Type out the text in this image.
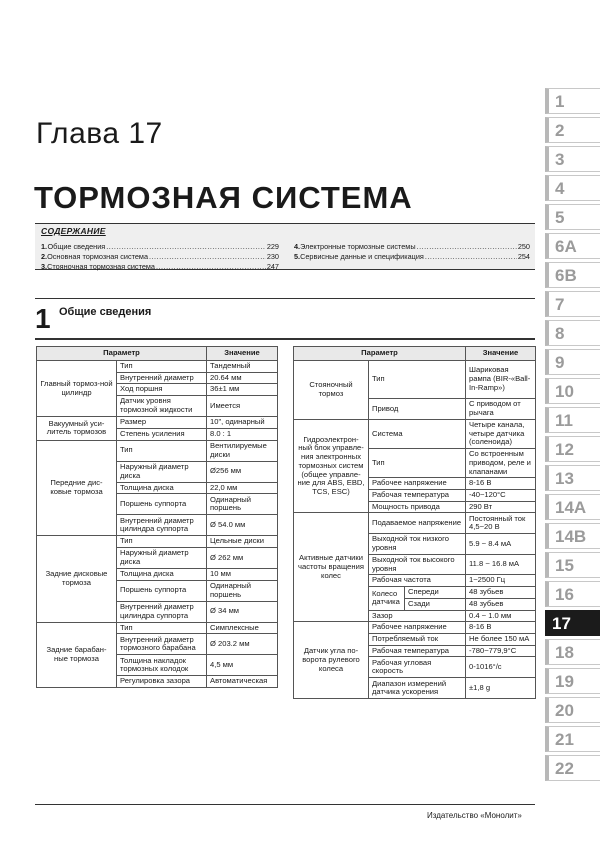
1
2
3
4
5
6A
6B
7
8
9
10
11
12
13
14A
14B
15
16
17
18
19
20
21
22
Глава 17
ТОРМОЗНАЯ СИСТЕМА
СОДЕРЖАНИЕ
1. Общие сведения .....	229
2. Основная тормозная система .....	230
3. Стояночная тормозная система .....	247
4. Электронные тормозные системы .....	250
5. Сервисные данные и спецификация .....	254
1 Общие сведения
Параметр		Значение
Главный тормоз-ной цилиндр	Тип	Тандемный
	Внутренний диаметр	20.64 мм
	Ход поршня	36±1 мм
	Датчик уровня тормозной жидкости	Имеется
Вакуумный уси-литель тормозов	Размер	10", одинарный
	Степень усиления	8.0 : 1
Передние дис-ковые тормоза	Тип	Вентилируемые диски
	Наружный диаметр диска	Ø256 мм
	Толщина диска	22,0 мм
	Поршень суппорта	Одинарный поршень
	Внутренний диаметр цилиндра суппорта	Ø 54.0 мм
Задние дисковые тормоза	Тип	Цельные диски
	Наружный диаметр диска	Ø 262 мм
	Толщина диска	10 мм
	Поршень суппорта	Одинарный поршень
	Внутренний диаметр цилиндра суппорта	Ø 34 мм
Задние барабан-ные тормоза	Тип	Симплексные
	Внутренний диаметр тормозного барабана	Ø 203.2 мм
	Толщина накладок тормозных колодок	4,5 мм
	Регулировка зазора	Автоматическая
Параметр			Значение
Стояночный тормоз	Тип		Шариковая рампа (BIR-«Ball-In-Ramp»)
	Привод		С приводом от рычага
Гидроэлектрон-ный блок управле-ния электронных тормозных систем (общее управле-ние для ABS, EBD, TCS, ESC)	Система		Четыре канала, четыре датчика (соленоида)
	Тип		Со встроенным приводом, реле и клапанами
	Рабочее напряжение		8-16 В
	Рабочая температура		-40~120°C
	Мощность привода		290 Вт
Активные датчики частоты вращения колес	Подаваемое напряжение		Постоянный ток 4,5~20 В
	Выходной ток низкого уровня		5.9 ~ 8.4 мА
	Выходной ток высокого уровня		11.8 ~ 16.8 мА
	Рабочая частота		1~2500 Гц
	Колесо датчика	Спереди	48 зубьев
		Сзади	48 зубьев
	Зазор		0.4 ~ 1.0 мм
Датчик угла по-ворота рулевого колеса	Рабочее напряжение		8-16 В
	Потребляемый ток		Не более 150 мА
	Рабочая температура		-780~779,9°C
	Рабочая угловая скорость		0-1016°/с
	Диапазон измерений датчика ускорения		±1,8 g
Издательство «Монолит»
